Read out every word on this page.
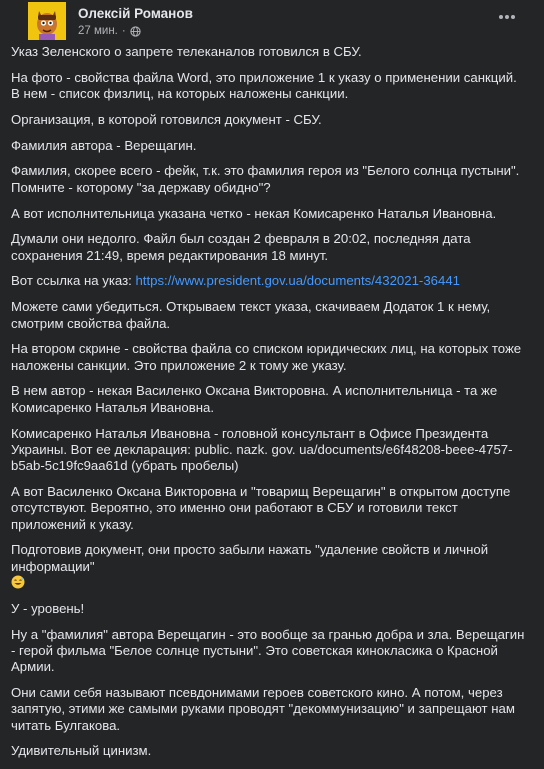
Олексій Романов
27 мин. ·

Указ Зеленского о запрете телеканалов готовился в СБУ.

На фото - свойства файла Word, это приложение 1 к указу о применении санкций. В нем - список физлиц, на которых наложены санкции.

Организация, в которой готовился документ - СБУ.

Фамилия автора - Верещагин.

Фамилия, скорее всего - фейк, т.к. это фамилия героя из "Белого солнца пустыни". Помните - которому "за державу обидно"?

А вот исполнительница указана четко - некая Комисаренко Наталья Ивановна.

Думали они недолго. Файл был создан 2 февраля в 20:02, последняя дата сохранения 21:49, время редактирования 18 минут.

Вот ссылка на указ: https://www.president.gov.ua/documents/432021-36441

Можете сами убедиться. Открываем текст указа, скачиваем Додаток 1 к нему, смотрим свойства файла.

На втором скрине - свойства файла со списком юридических лиц, на которых тоже наложены санкции. Это приложение 2 к тому же указу.

В нем автор - некая Василенко Оксана Викторовна. А исполнительница - та же Комисаренко Наталья Ивановна.

Комисаренко Наталья Ивановна - головной консультант в Офисе Президента Украины. Вот ее декларация: public. nazk. gov. ua/documents/e6f48208-beee-4757-b5ab-5c19fc9aa61d (убрать пробелы)

А вот Василенко Оксана Викторовна и "товарищ Верещагин" в открытом доступе отсутствуют. Вероятно, это именно они работают в СБУ и готовили текст приложений к указу.

Подготовив документ, они просто забыли нажать "удаление свойств и личной информации"

У - уровень!

Ну а "фамилия" автора Верещагин - это вообще за гранью добра и зла. Верещагин - герой фильма "Белое солнце пустыни". Это советская кинокласика о Красной Армии.

Они сами себя называют псевдонимами героев советского кино. А потом, через запятую, этими же самыми руками проводят "декоммунизацию" и запрещают нам читать Булгакова.

Удивительный цинизм.
